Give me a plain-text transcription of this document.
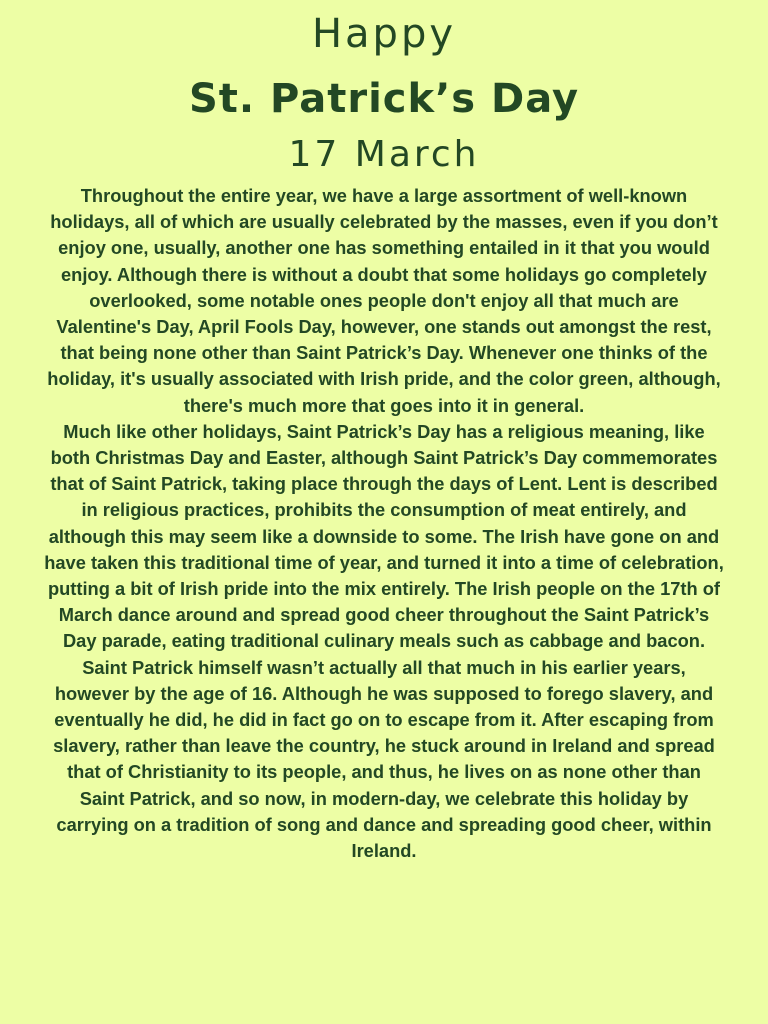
Happy
St. Patrick’s Day
17 March

Throughout the entire year, we have a large assortment of well-known holidays, all of which are usually celebrated by the masses, even if you don’t enjoy one, usually, another one has something entailed in it that you would enjoy. Although there is without a doubt that some holidays go completely overlooked, some notable ones people don't enjoy all that much are Valentine's Day, April Fools Day, however, one stands out amongst the rest, that being none other than Saint Patrick’s Day. Whenever one thinks of the holiday, it's usually associated with Irish pride, and the color green, although, there's much more that goes into it in general.

Much like other holidays, Saint Patrick’s Day has a religious meaning, like both Christmas Day and Easter, although Saint Patrick’s Day commemorates that of Saint Patrick, taking place through the days of Lent. Lent is described in religious practices, prohibits the consumption of meat entirely, and although this may seem like a downside to some. The Irish have gone on and have taken this traditional time of year, and turned it into a time of celebration, putting a bit of Irish pride into the mix entirely. The Irish people on the 17th of March dance around and spread good cheer throughout the Saint Patrick’s Day parade, eating traditional culinary meals such as cabbage and bacon.

Saint Patrick himself wasn’t actually all that much in his earlier years, however by the age of 16. Although he was supposed to forego slavery, and eventually he did, he did in fact go on to escape from it. After escaping from slavery, rather than leave the country, he stuck around in Ireland and spread that of Christianity to its people, and thus, he lives on as none other than Saint Patrick, and so now, in modern-day, we celebrate this holiday by carrying on a tradition of song and dance and spreading good cheer, within Ireland.
